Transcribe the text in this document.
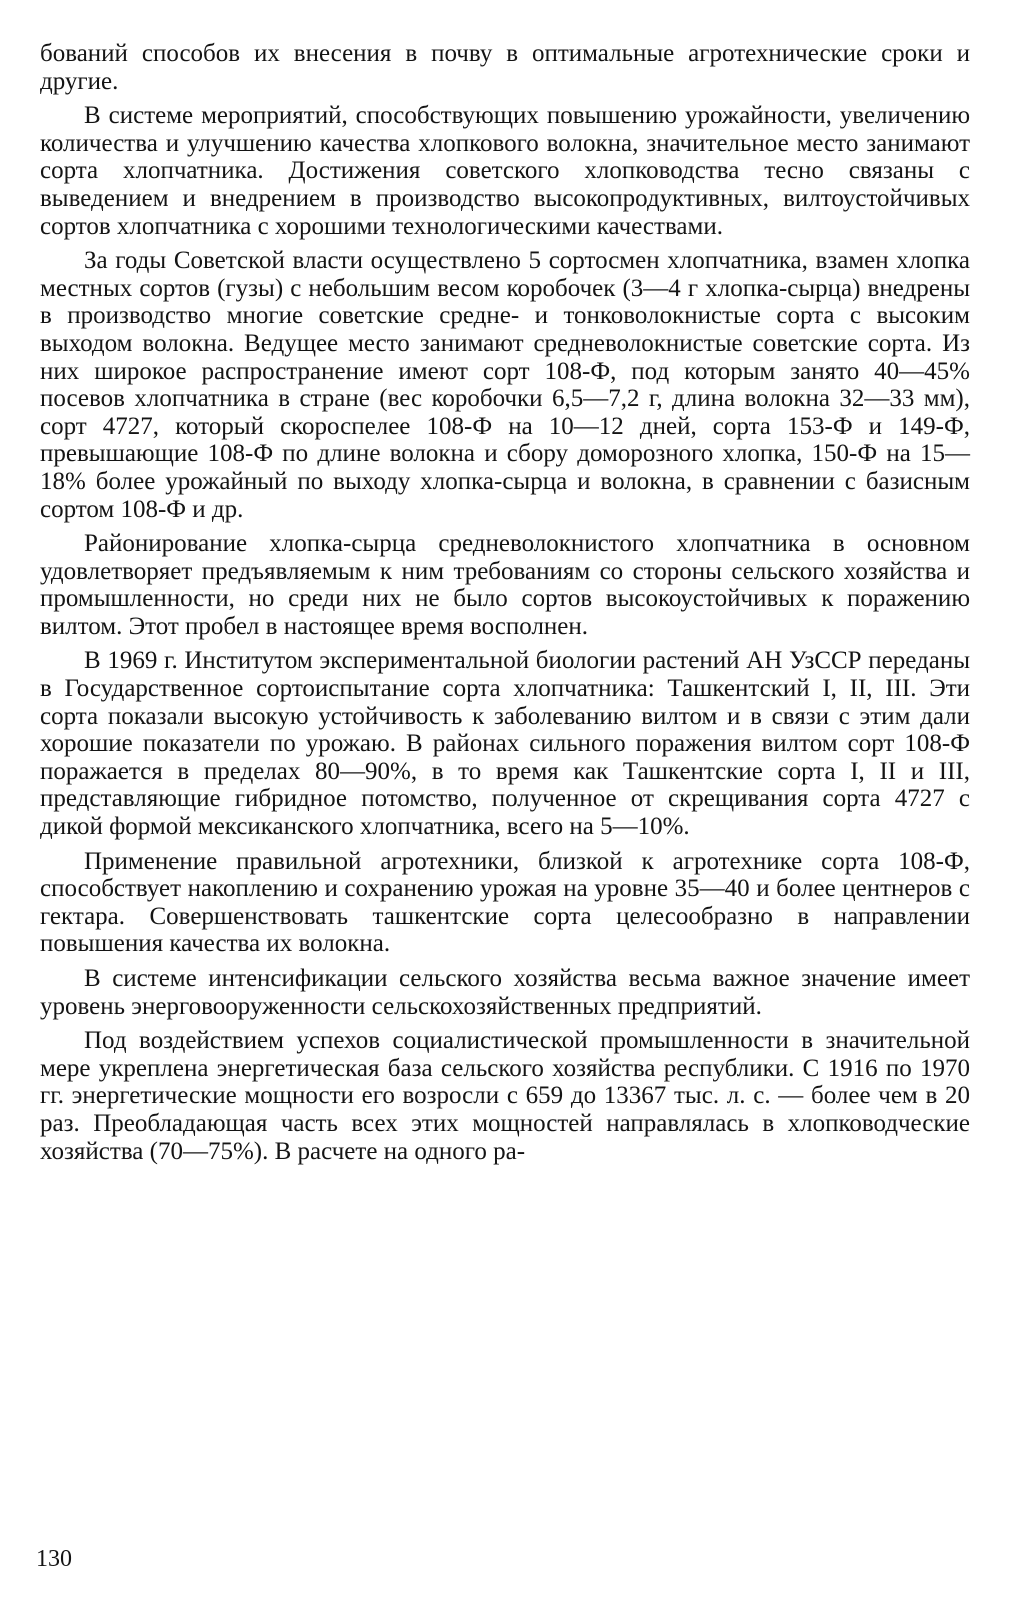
бований способов их внесения в почву в оптимальные агротехнические сроки и другие.

В системе мероприятий, способствующих повышению урожайности, увеличению количества и улучшению качества хлопкового волокна, значительное место занимают сорта хлопчатника. Достижения советского хлопководства тесно связаны с выведением и внедрением в производство высокопродуктивных, вилтоустойчивых сортов хлопчатника с хорошими технологическими качествами.

За годы Советской власти осуществлено 5 сортосмен хлопчатника, взамен хлопка местных сортов (гузы) с небольшим весом коробочек (3—4 г хлопка-сырца) внедрены в производство многие советские средне- и тонковолокнистые сорта с высоким выходом волокна. Ведущее место занимают средневолокнистые советские сорта. Из них широкое распространение имеют сорт 108-Ф, под которым занято 40—45% посевов хлопчатника в стране (вес коробочки 6,5—7,2 г, длина волокна 32—33 мм), сорт 4727, который скороспелее 108-Ф на 10—12 дней, сорта 153-Ф и 149-Ф, превышающие 108-Ф по длине волокна и сбору доморозного хлопка, 150-Ф на 15—18% более урожайный по выходу хлопка-сырца и волокна, в сравнении с базисным сортом 108-Ф и др.

Районирование хлопка-сырца средневолокнистого хлопчатника в основном удовлетворяет предъявляемым к ним требованиям со стороны сельского хозяйства и промышленности, но среди них не было сортов высокоустойчивых к поражению вилтом. Этот пробел в настоящее время восполнен.

В 1969 г. Институтом экспериментальной биологии растений АН УзССР переданы в Государственное сортоиспытание сорта хлопчатника: Ташкентский I, II, III. Эти сорта показали высокую устойчивость к заболеванию вилтом и в связи с этим дали хорошие показатели по урожаю. В районах сильного поражения вилтом сорт 108-Ф поражается в пределах 80—90%, в то время как Ташкентские сорта I, II и III, представляющие гибридное потомство, полученное от скрещивания сорта 4727 с дикой формой мексиканского хлопчатника, всего на 5—10%.

Применение правильной агротехники, близкой к агротехнике сорта 108-Ф, способствует накоплению и сохранению урожая на уровне 35—40 и более центнеров с гектара. Совершенствовать ташкентские сорта целесообразно в направлении повышения качества их волокна.

В системе интенсификации сельского хозяйства весьма важное значение имеет уровень энерговооруженности сельскохозяйственных предприятий.

Под воздействием успехов социалистической промышленности в значительной мере укреплена энергетическая база сельского хозяйства республики. С 1916 по 1970 гг. энергетические мощности его возросли с 659 до 13367 тыс. л. с. — более чем в 20 раз. Преобладающая часть всех этих мощностей направлялась в хлопководческие хозяйства (70—75%). В расчете на одного ра-

130
